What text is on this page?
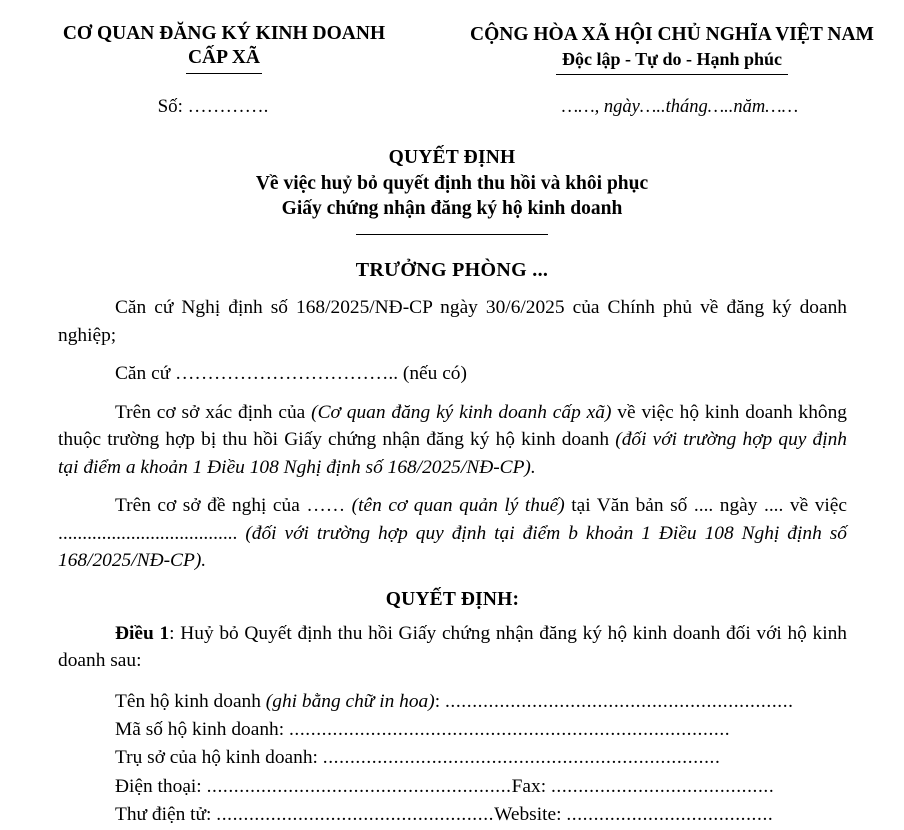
CƠ QUAN ĐĂNG KÝ KINH DOANH
CẤP XÃ
Số: ………….
CỘNG HÒA XÃ HỘI CHỦ NGHĨA VIỆT NAM
Độc lập - Tự do - Hạnh phúc
……, ngày…..tháng…..năm……
QUYẾT ĐỊNH
Về việc huỷ bỏ quyết định thu hồi và khôi phục
Giấy chứng nhận đăng ký hộ kinh doanh
TRƯỞNG PHÒNG ...

Căn cứ Nghị định số 168/2025/NĐ-CP ngày 30/6/2025 của Chính phủ về đăng ký doanh nghiệp;

Căn cứ …………………………….. (nếu có)

Trên cơ sở xác định của (Cơ quan đăng ký kinh doanh cấp xã) về việc hộ kinh doanh không thuộc trường hợp bị thu hồi Giấy chứng nhận đăng ký hộ kinh doanh (đối với trường hợp quy định tại điểm a khoản 1 Điều 108 Nghị định số 168/2025/NĐ-CP).

Trên cơ sở đề nghị của …… (tên cơ quan quản lý thuế) tại Văn bản số .... ngày .... về việc ..................................... (đối với trường hợp quy định tại điểm b khoản 1 Điều 108 Nghị định số 168/2025/NĐ-CP).

QUYẾT ĐỊNH:

Điều 1: Huỷ bỏ Quyết định thu hồi Giấy chứng nhận đăng ký hộ kinh doanh đối với hộ kinh doanh sau:

Tên hộ kinh doanh (ghi bằng chữ in hoa): ................................................................
Mã số hộ kinh doanh: .................................................................................
Trụ sở của hộ kinh doanh: .........................................................................
Điện thoại: ........................................................Fax: .........................................
Thư điện tử: ...................................................Website: ......................................
